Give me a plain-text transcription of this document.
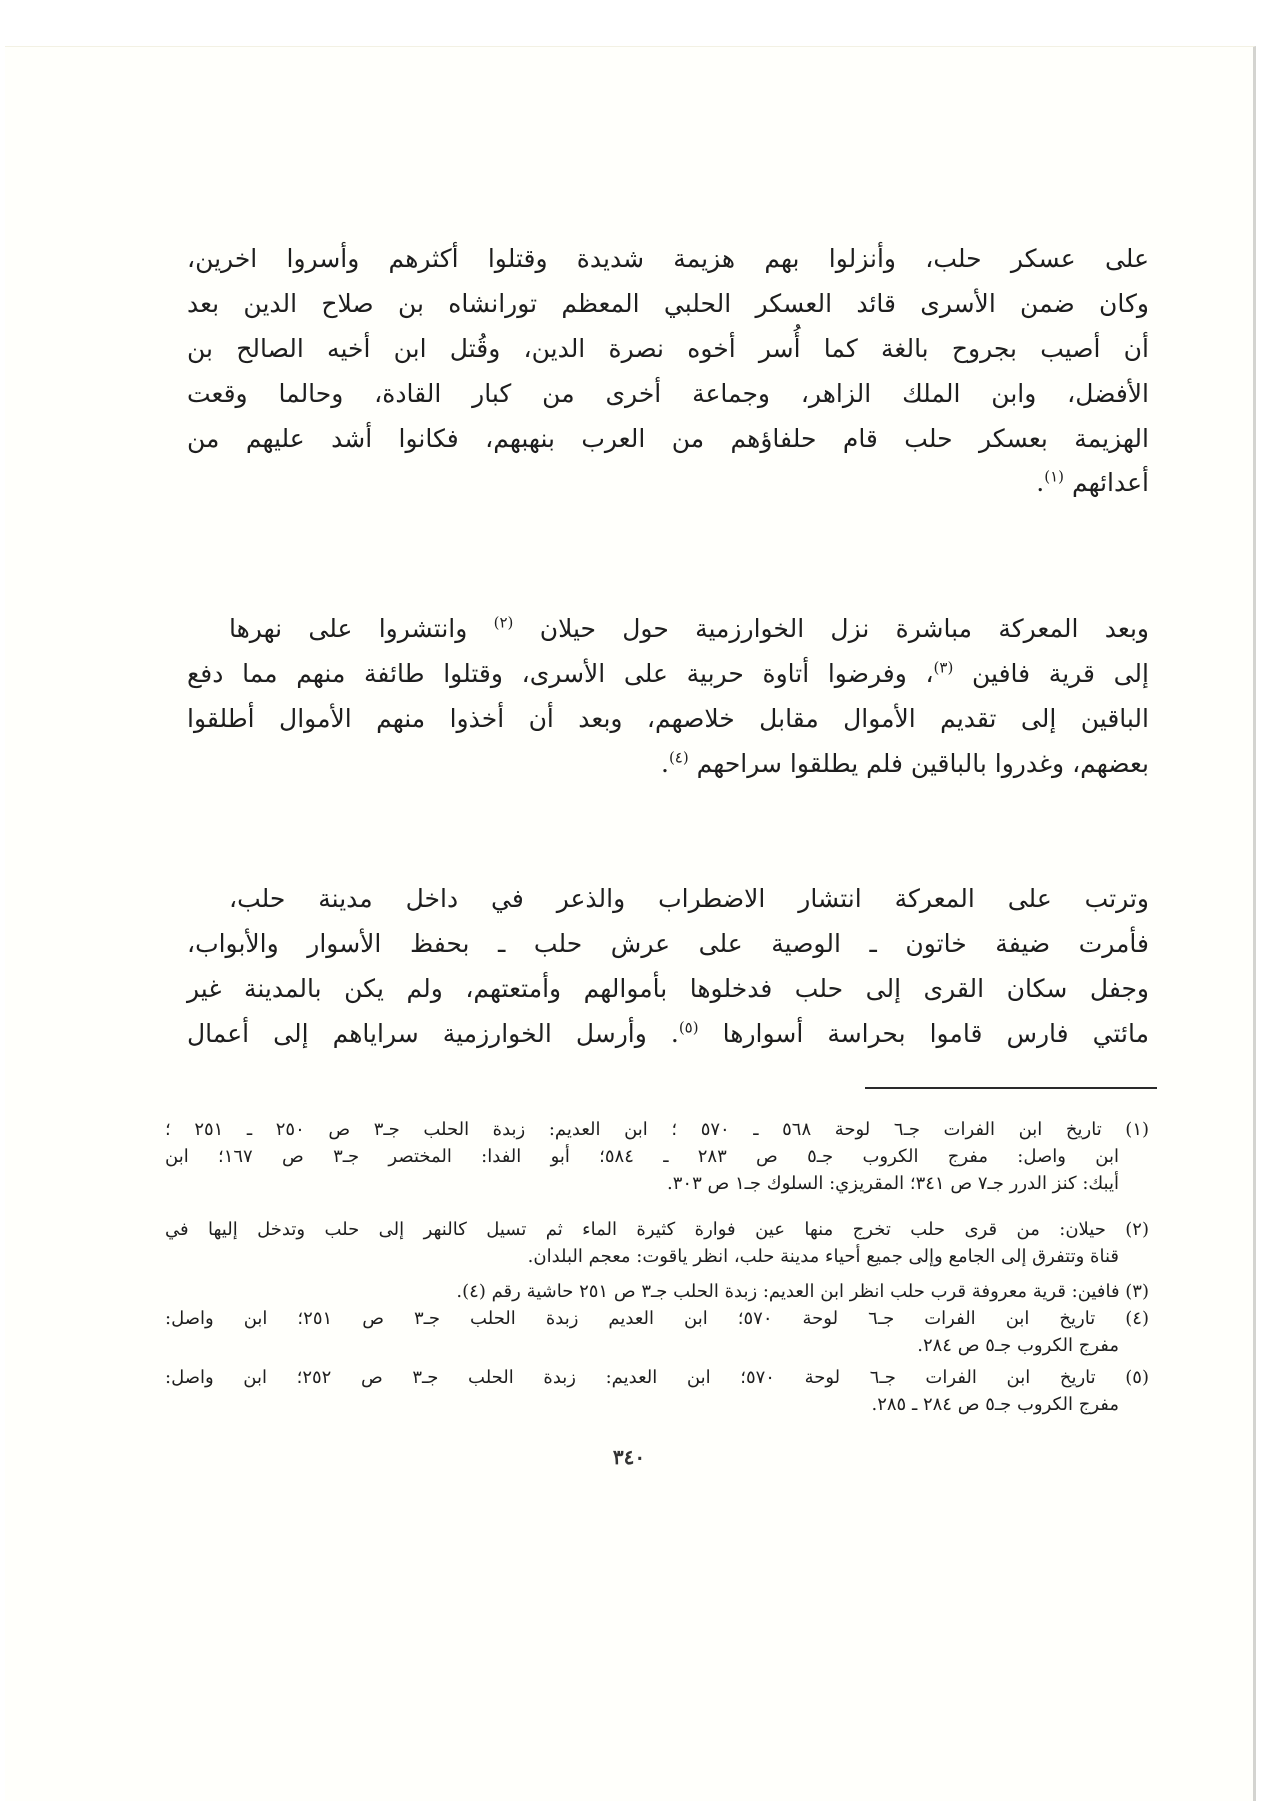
على عسكر حلب، وأنزلوا بهم هزيمة شديدة وقتلوا أكثرهم وأسروا اخرين،
وكان ضمن الأسرى قائد العسكر الحلبي المعظم تورانشاه بن صلاح الدين بعد
أن أصيب بجروح بالغة كما أُسر أخوه نصرة الدين، وقُتل ابن أخيه الصالح بن
الأفضل، وابن الملك الزاهر، وجماعة أخرى من كبار القادة، وحالما وقعت
الهزيمة بعسكر حلب قام حلفاؤهم من العرب بنهبهم، فكانوا أشد عليهم من
أعدائهم $^{(١)}$.
وبعد المعركة مباشرة نزل الخوارزمية حول حيلان $^{(٢)}$ وانتشروا على نهرها
إلى قرية فافين $^{(٣)}$، وفرضوا أتاوة حربية على الأسرى، وقتلوا طائفة منهم مما دفع
الباقين إلى تقديم الأموال مقابل خلاصهم، وبعد أن أخذوا منهم الأموال أطلقوا
بعضهم، وغدروا بالباقين فلم يطلقوا سراحهم $^{(٤)}$.
وترتب على المعركة انتشار الاضطراب والذعر في داخل مدينة حلب،
فأمرت ضيفة خاتون ـ الوصية على عرش حلب ـ بحفظ الأسوار والأبواب،
وجفل سكان القرى إلى حلب فدخلوها بأموالهم وأمتعتهم، ولم يكن بالمدينة غير
مائتي فارس قاموا بحراسة أسوارها $^{(٥)}$. وأرسل الخوارزمية سراياهم إلى أعمال
(١) تاريخ ابن الفرات جـ٦ لوحة ٥٦٨ ـ ٥٧٠ ؛ ابن العديم: زبدة الحلب جـ٣ ص ٢٥٠ ـ ٢٥١ ؛
ابن واصل: مفرج الكروب جـ٥ ص ٢٨٣ ـ ٥٨٤؛ أبو الفدا: المختصر جـ٣ ص ١٦٧؛ ابن
أيبك: كنز الدرر جـ٧ ص ٣٤١؛ المقريزي: السلوك جـ١ ص ٣٠٣.
(٢) حيلان: من قرى حلب تخرج منها عين فوارة كثيرة الماء ثم تسيل كالنهر إلى حلب وتدخل إليها في
قناة وتتفرق إلى الجامع وإلى جميع أحياء مدينة حلب، انظر ياقوت: معجم البلدان.
(٣) فافين: قرية معروفة قرب حلب انظر ابن العديم: زبدة الحلب جـ٣ ص ٢٥١ حاشية رقم (٤).
(٤) تاريخ ابن الفرات جـ٦ لوحة ٥٧٠؛ ابن العديم زبدة الحلب جـ٣ ص ٢٥١؛ ابن واصل:
مفرج الكروب جـ٥ ص ٢٨٤.
(٥) تاريخ ابن الفرات جـ٦ لوحة ٥٧٠؛ ابن العديم: زبدة الحلب جـ٣ ص ٢٥٢؛ ابن واصل:
مفرج الكروب جـ٥ ص ٢٨٤ ـ ٢٨٥.
٣٤٠
